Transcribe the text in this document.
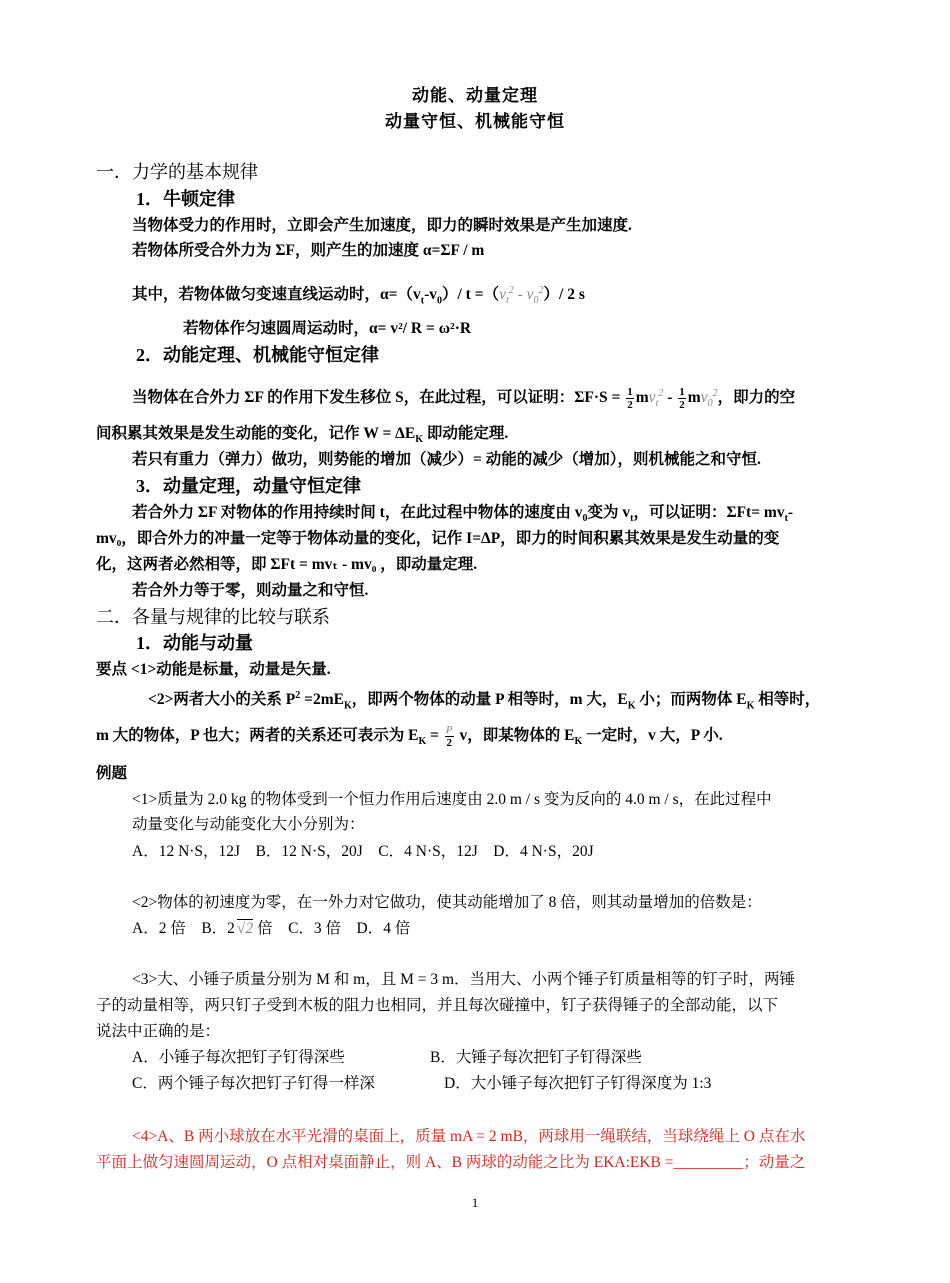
动能、动量定理
动量守恒、机械能守恒
一．力学的基本规律
1．牛顿定律
当物体受力的作用时，立即会产生加速度，即力的瞬时效果是产生加速度.
若物体所受合外力为 ΣF，则产生的加速度 α=ΣF / m
其中，若物体做匀变速直线运动时，$\alpha=(v_t-v_0)/$ $t =(v_t^2 - v_0^2)/$ 2 s
若物体作匀速圆周运动时，α= v²/ R = ω²·R
2．动能定理、机械能守恒定律
当物体在合外力 ΣF 的作用下发生移位 S，在此过程，可以证明：$\Sigma F\cdot S = \frac{1}{2} mv_t^2 - \frac{1}{2} mv_0^2$，即力的空
间积累其效果是发生动能的变化，记作 $W = \Delta E_K$ 即动能定理.
若只有重力（弹力）做功，则势能的增加（减少）= 动能的减少（增加），则机械能之和守恒.
3．动量定理，动量守恒定律
若合外力 ΣF 对物体的作用持续时间 t，在此过程中物体的速度由 $v_0$变为 $v_t$，可以证明：$\Sigma Ft= mv_t-$
mv₀，即合外力的冲量一定等于物体动量的变化，记作 I=ΔP，即力的时间积累其效果是发生动量的变
化，这两者必然相等，即 ΣFt = mvₜ - mv₀ ，即动量定理.
若合外力等于零，则动量之和守恒.
二．各量与规律的比较与联系
1．动能与动量
要点 <1>动能是标量，动量是矢量.
<2>两者大小的关系 $P^2 =2mE_K$，即两个物体的动量 P 相等时，m 大，$E_K$ 小；而两物体 $E_K$ 相等时，
m 大的物体，P 也大；两者的关系还可表示为 $E_K = \frac{P}{2}$ v，即某物体的 $E_K$ 一定时，v 大，P 小.
例题
<1>质量为 2.0 kg 的物体受到一个恒力作用后速度由 2.0 m / s 变为反向的 4.0 m / s，在此过程中
动量变化与动能变化大小分别为：
A．12 N·S，12J　B．12 N·S，20J　C．4 N·S，12J　D．4 N·S，20J
<2>物体的初速度为零，在一外力对它做功，使其动能增加了 8 倍，则其动量增加的倍数是：
A．2 倍　B．2 √2 倍　C．3 倍　D．4 倍
<3>大、小锤子质量分别为 M 和 m，且 M = 3 m．当用大、小两个锤子钉质量相等的钉子时，两锤
子的动量相等，两只钉子受到木板的阻力也相同，并且每次碰撞中，钉子获得锤子的全部动能，以下
说法中正确的是：
A．小锤子每次把钉子钉得深些	B．大锤子每次把钉子钉得深些
C．两个锤子每次把钉子钉得一样深	D．大小锤子每次把钉子钉得深度为 1:3
<4>A、B 两小球放在水平光滑的桌面上，质量 mA = 2 mB，两球用一绳联结，当球绕绳上 O 点在水
平面上做匀速圆周运动，O 点相对桌面静止，则 A、B 两球的动能之比为 EKA:EKB =_________；动量之
1
